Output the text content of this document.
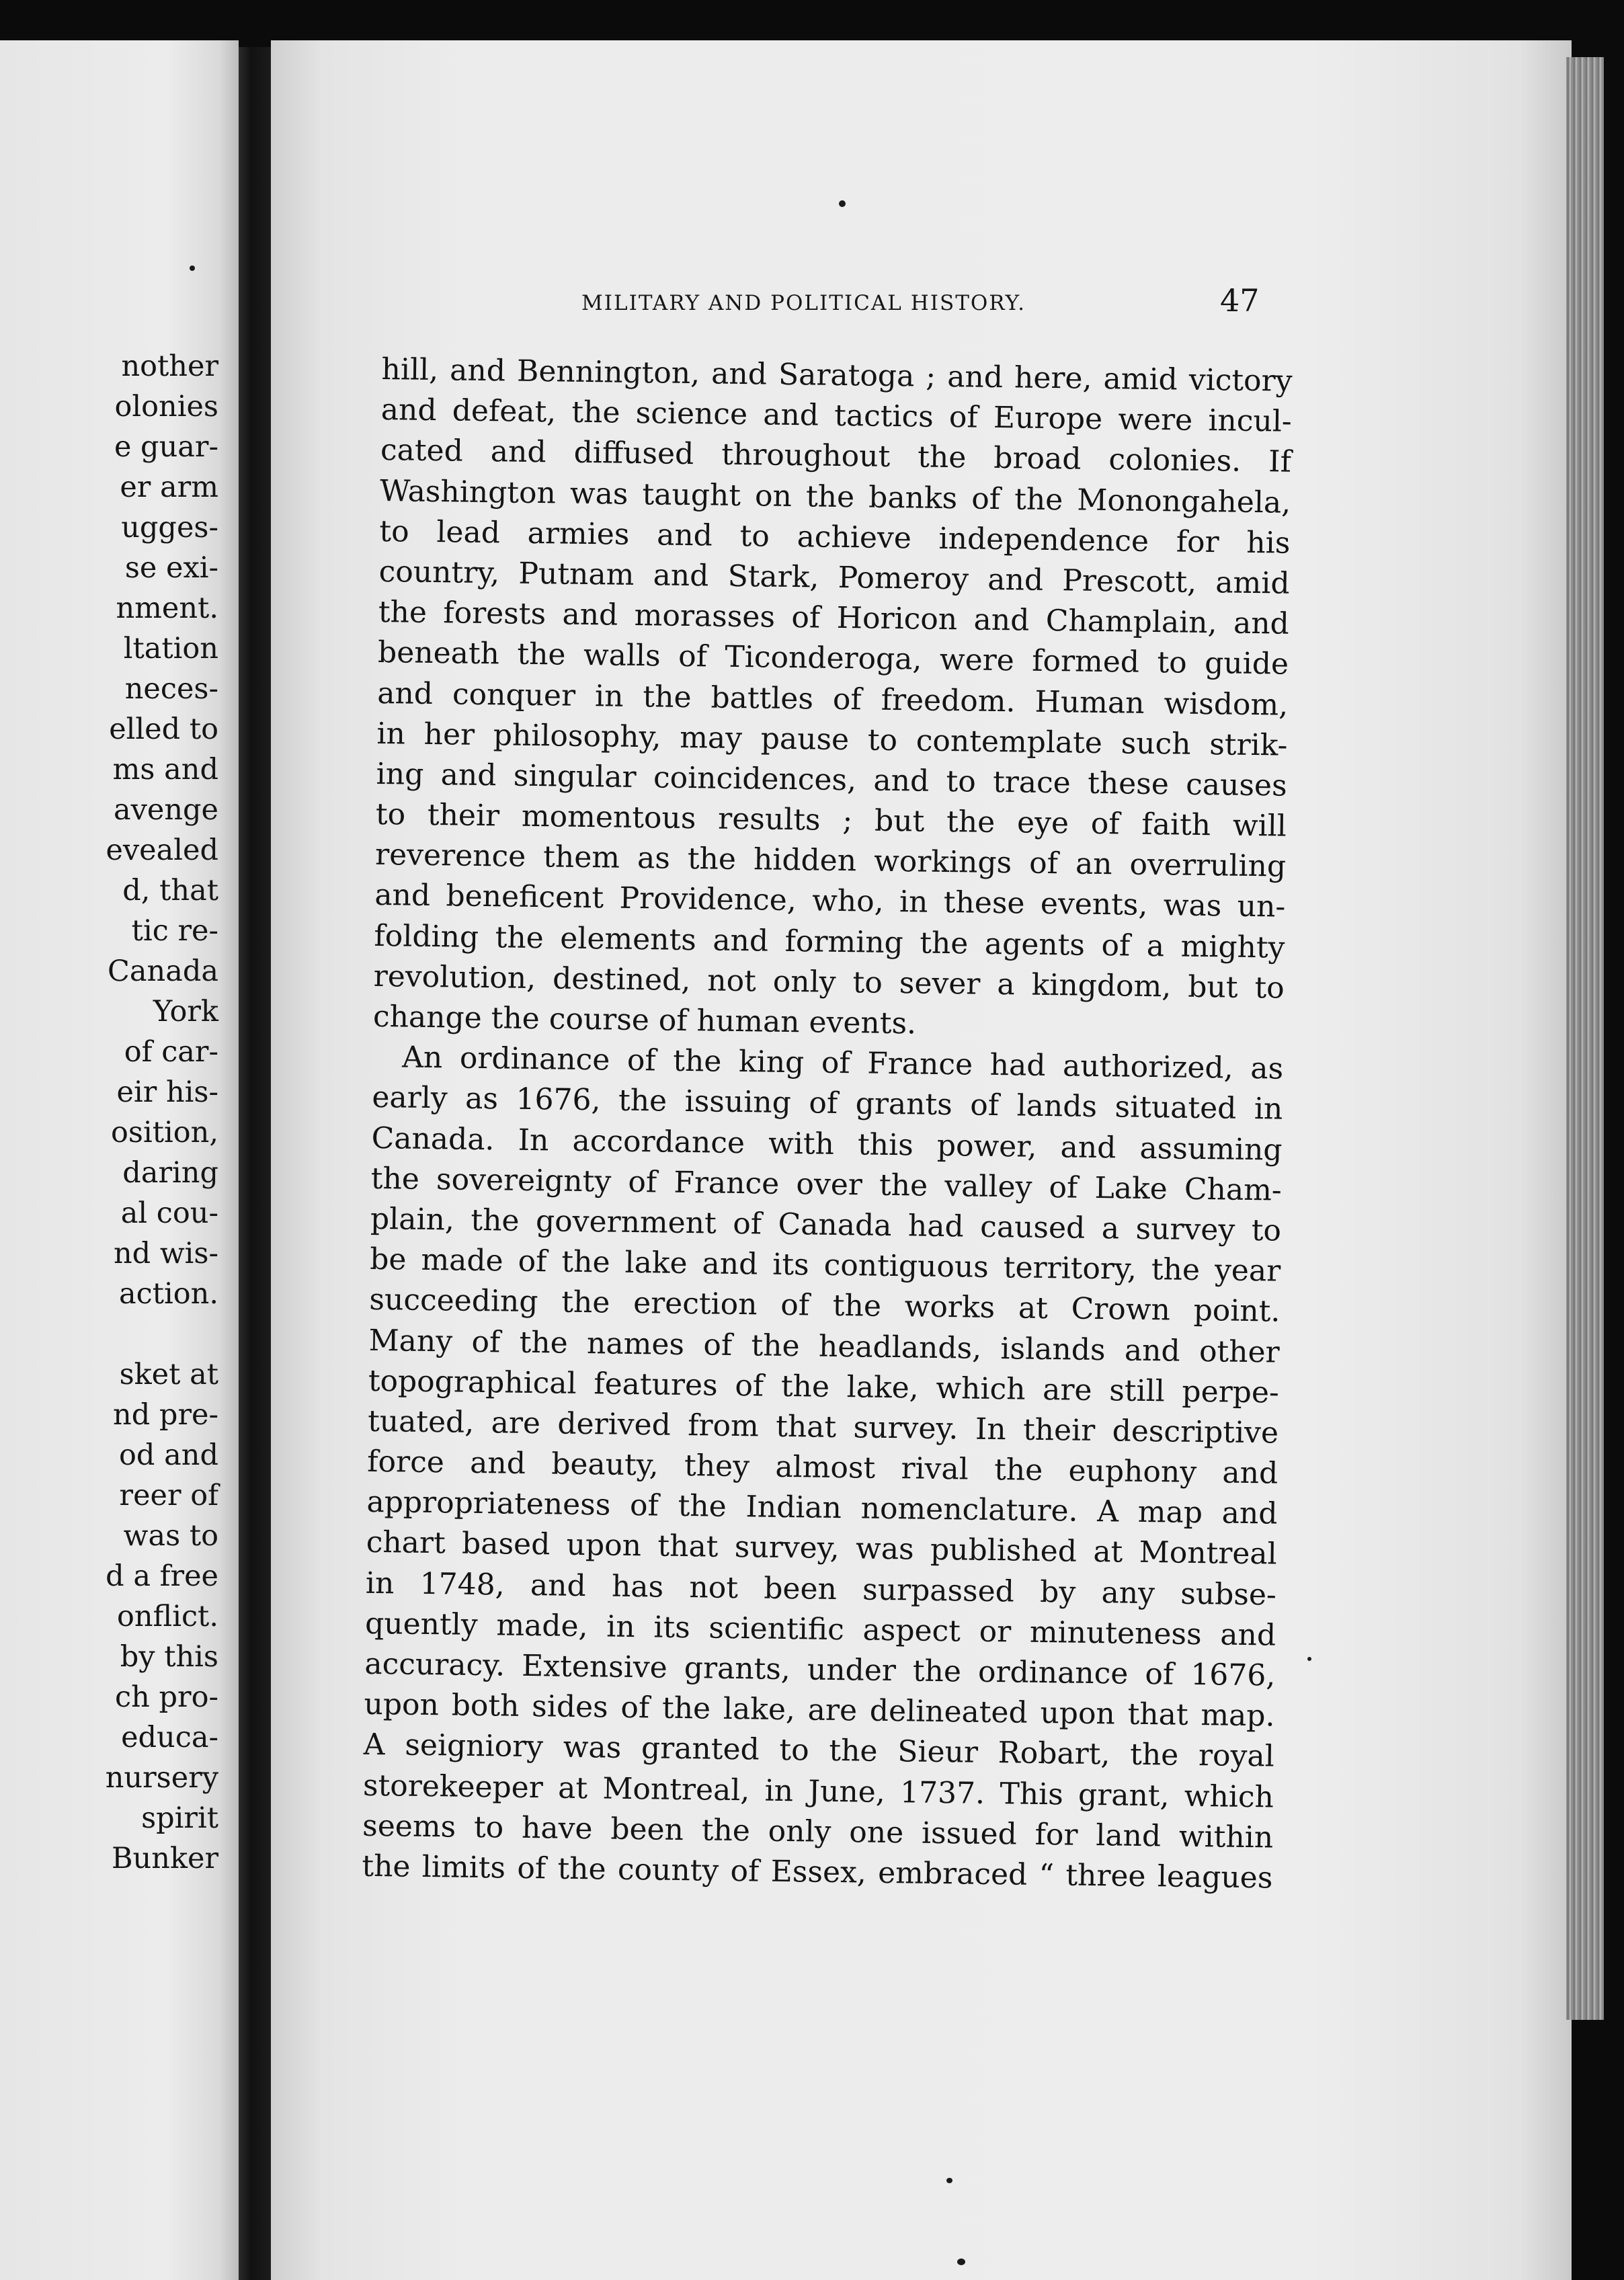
nother
olonies
e guar-
er arm
ugges-
se exi-
nment.
ltation
neces-
elled to
ms and
avenge
evealed
d, that
tic re-
Canada
York
of car-
eir his-
osition,
daring
al cou-
nd wis-
action.
sket at
nd pre-
od and
reer of
was to
d a free
onflict.
by this
ch pro-
educa-
nursery
spirit
Bunker
MILITARY AND POLITICAL HISTORY.	47
hill, and Bennington, and Saratoga ; and here, amid victory
and defeat, the science and tactics of Europe were incul-
cated and diffused throughout the broad colonies. If
Washington was taught on the banks of the Monongahela,
to lead armies and to achieve independence for his
country, Putnam and Stark, Pomeroy and Prescott, amid
the forests and morasses of Horicon and Champlain, and
beneath the walls of Ticonderoga, were formed to guide
and conquer in the battles of freedom. Human wisdom,
in her philosophy, may pause to contemplate such strik-
ing and singular coincidences, and to trace these causes
to their momentous results ; but the eye of faith will
reverence them as the hidden workings of an overruling
and beneficent Providence, who, in these events, was un-
folding the elements and forming the agents of a mighty
revolution, destined, not only to sever a kingdom, but to
change the course of human events.
An ordinance of the king of France had authorized, as
early as 1676, the issuing of grants of lands situated in
Canada. In accordance with this power, and assuming
the sovereignty of France over the valley of Lake Cham-
plain, the government of Canada had caused a survey to
be made of the lake and its contiguous territory, the year
succeeding the erection of the works at Crown point.
Many of the names of the headlands, islands and other
topographical features of the lake, which are still perpe-
tuated, are derived from that survey. In their descriptive
force and beauty, they almost rival the euphony and
appropriateness of the Indian nomenclature. A map and
chart based upon that survey, was published at Montreal
in 1748, and has not been surpassed by any subse-
quently made, in its scientific aspect or minuteness and
accuracy. Extensive grants, under the ordinance of 1676,
upon both sides of the lake, are delineated upon that map.
A seigniory was granted to the Sieur Robart, the royal
storekeeper at Montreal, in June, 1737. This grant, which
seems to have been the only one issued for land within
the limits of the county of Essex, embraced “ three leagues
